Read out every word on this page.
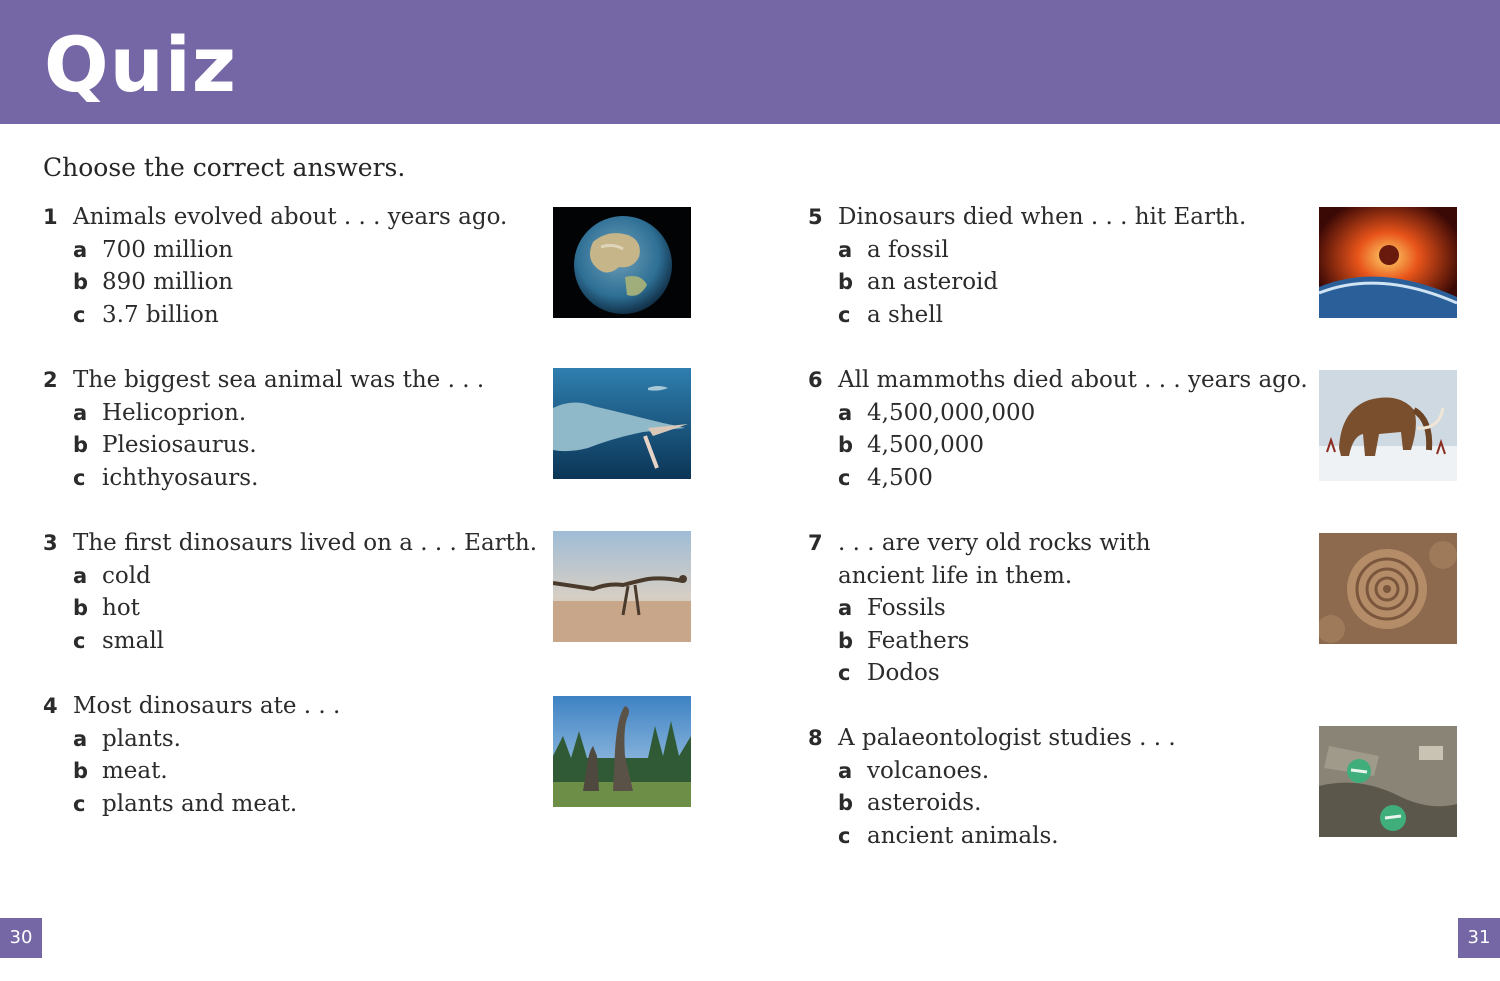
Quiz
Choose the correct answers.
1 Animals evolved about . . . years ago.
a 700 million
b 890 million
c 3.7 billion
2 The biggest sea animal was the . . .
a Helicoprion.
b Plesiosaurus.
c ichthyosaurs.
3 The first dinosaurs lived on a . . . Earth.
a cold
b hot
c small
4 Most dinosaurs ate . . .
a plants.
b meat.
c plants and meat.
5 Dinosaurs died when . . . hit Earth.
a a fossil
b an asteroid
c a shell
6 All mammoths died about . . . years ago.
a 4,500,000,000
b 4,500,000
c 4,500
7 . . . are very old rocks with
ancient life in them.
a Fossils
b Feathers
c Dodos
8 A palaeontologist studies . . .
a volcanoes.
b asteroids.
c ancient animals.
30	31
